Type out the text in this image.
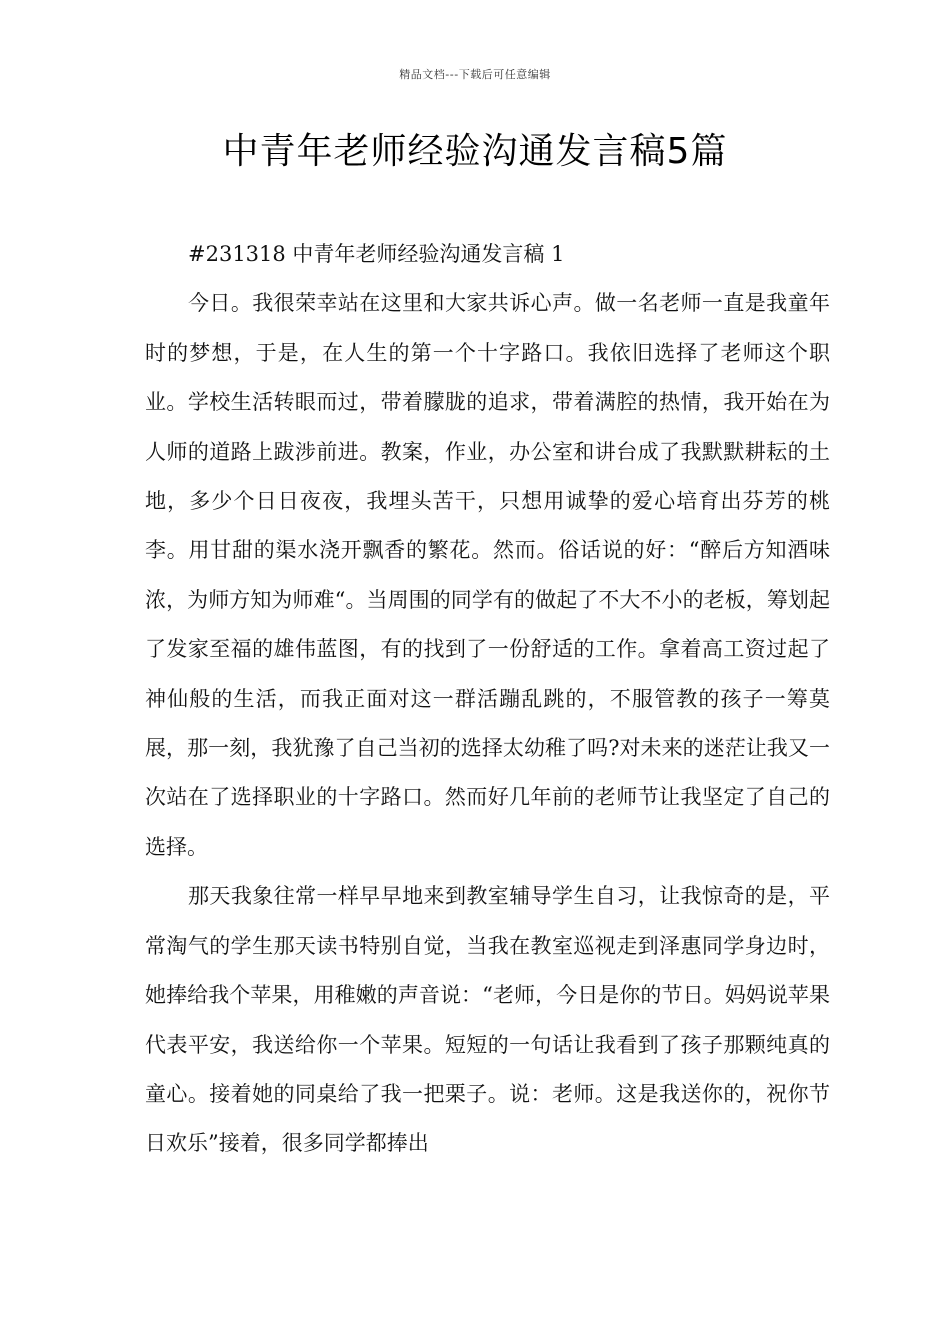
精品文档---下载后可任意编辑
中青年老师经验沟通发言稿5篇

#231318 中青年老师经验沟通发言稿 1

今日。我很荣幸站在这里和大家共诉心声。做一名老师一直是我童年时的梦想，于是，在人生的第一个十字路口。我依旧选择了老师这个职业。学校生活转眼而过，带着朦胧的追求，带着满腔的热情，我开始在为人师的道路上跋涉前进。教案，作业，办公室和讲台成了我默默耕耘的土地，多少个日日夜夜，我埋头苦干，只想用诚挚的爱心培育出芬芳的桃李。用甘甜的渠水浇开飘香的繁花。然而。俗话说的好：“醉后方知酒味浓，为师方知为师难“。当周围的同学有的做起了不大不小的老板，筹划起了发家至福的雄伟蓝图，有的找到了一份舒适的工作。拿着高工资过起了神仙般的生活，而我正面对这一群活蹦乱跳的，不服管教的孩子一筹莫展，那一刻，我犹豫了自己当初的选择太幼稚了吗?对未来的迷茫让我又一次站在了选择职业的十字路口。然而好几年前的老师节让我坚定了自己的选择。

那天我象往常一样早早地来到教室辅导学生自习，让我惊奇的是，平常淘气的学生那天读书特别自觉，当我在教室巡视走到泽惠同学身边时，她捧给我个苹果，用稚嫩的声音说：“老师，今日是你的节日。妈妈说苹果代表平安，我送给你一个苹果。短短的一句话让我看到了孩子那颗纯真的童心。接着她的同桌给了我一把栗子。说：老师。这是我送你的，祝你节日欢乐”接着，很多同学都捧出
